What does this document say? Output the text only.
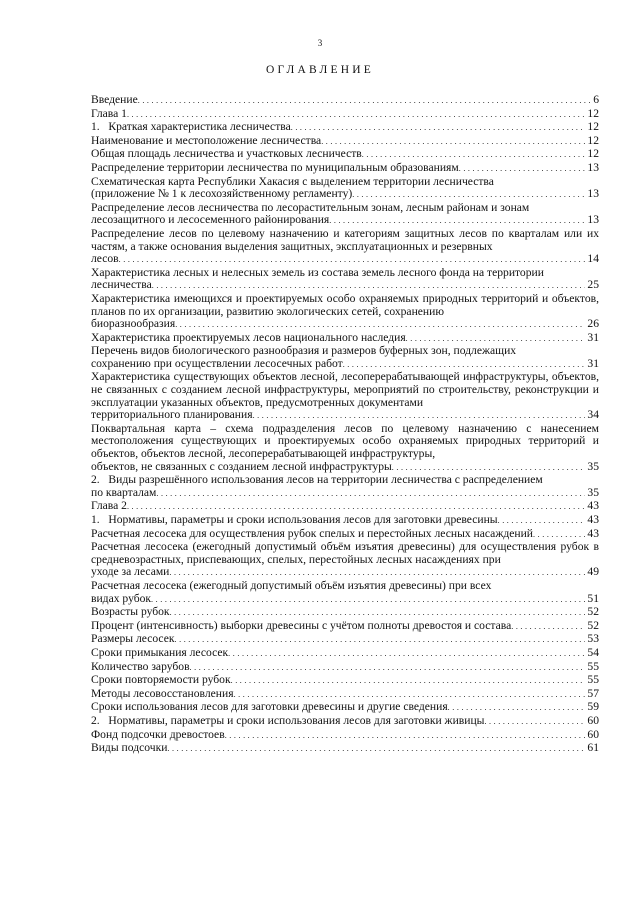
3
ОГЛАВЛЕНИЕ
Введение . . .	6
Глава 1 . . .	12
1.   Краткая характеристика лесничества . . .	12
Наименование и местоположение лесничества . . .	12
Общая площадь лесничества и участковых лесничеств . . .	12
Распределение территории лесничества по муниципальным образованиям . . .	13
Схематическая карта Республики Хакасия с выделением территории лесничества
(приложение № 1 к лесохозяйственному регламенту) . . .	13
Распределение лесов лесничества по лесорастительным зонам, лесным районам и зонам
лесозащитного и лесосеменного районирования . . .	13
Распределение лесов по целевому назначению и категориям защитных лесов по кварталам или их частям, а также основания выделения защитных, эксплуатационных и резервных
лесов . . .	14
Характеристика лесных и нелесных земель из состава земель лесного фонда на территории
лесничества . . .	25
Характеристика имеющихся и проектируемых особо охраняемых природных территорий и объектов, планов по их организации, развитию экологических сетей, сохранению
биоразнообразия . . .	26
Характеристика проектируемых лесов национального наследия . . .	31
Перечень видов биологического разнообразия и размеров буферных зон, подлежащих
сохранению при осуществлении лесосечных работ . . .	31
Характеристика существующих объектов лесной, лесоперерабатывающей инфраструктуры, объектов, не связанных с созданием лесной инфраструктуры, мероприятий по строительству, реконструкции и эксплуатации указанных объектов, предусмотренных документами
территориального планирования . . .	34
Поквартальная карта – схема подразделения лесов по целевому назначению с нанесением местоположения существующих и проектируемых особо охраняемых природных территорий и объектов, объектов лесной, лесоперерабатывающей инфраструктуры,
объектов, не связанных с созданием лесной инфраструктуры . . .	35
2.   Виды разрешённого использования лесов на территории лесничества с распределением
по кварталам . . .	35
Глава 2 . . .	43
1.   Нормативы, параметры и сроки использования лесов для заготовки древесины . . .	43
Расчетная лесосека для осуществления рубок спелых и перестойных лесных насаждений . . .	43
Расчетная лесосека (ежегодный допустимый объём изъятия древесины) для осуществления рубок в средневозрастных, приспевающих, спелых, перестойных лесных насаждениях при
уходе за лесами . . .	49
Расчетная лесосека (ежегодный допустимый объём изъятия древесины) при всех
видах рубок . . .	51
Возрасты рубок . . .	52
Процент (интенсивность) выборки древесины с учётом полноты древостоя и состава . . .	52
Размеры лесосек . . .	53
Сроки примыкания лесосек . . .	54
Количество зарубов . . .	55
Сроки повторяемости рубок . . .	55
Методы лесовосстановления . . .	57
Сроки использования лесов для заготовки древесины и другие сведения . . .	59
2.   Нормативы, параметры и сроки использования лесов для заготовки живицы . . .	60
Фонд подсочки древостоев . . .	60
Виды подсочки . . .	61
